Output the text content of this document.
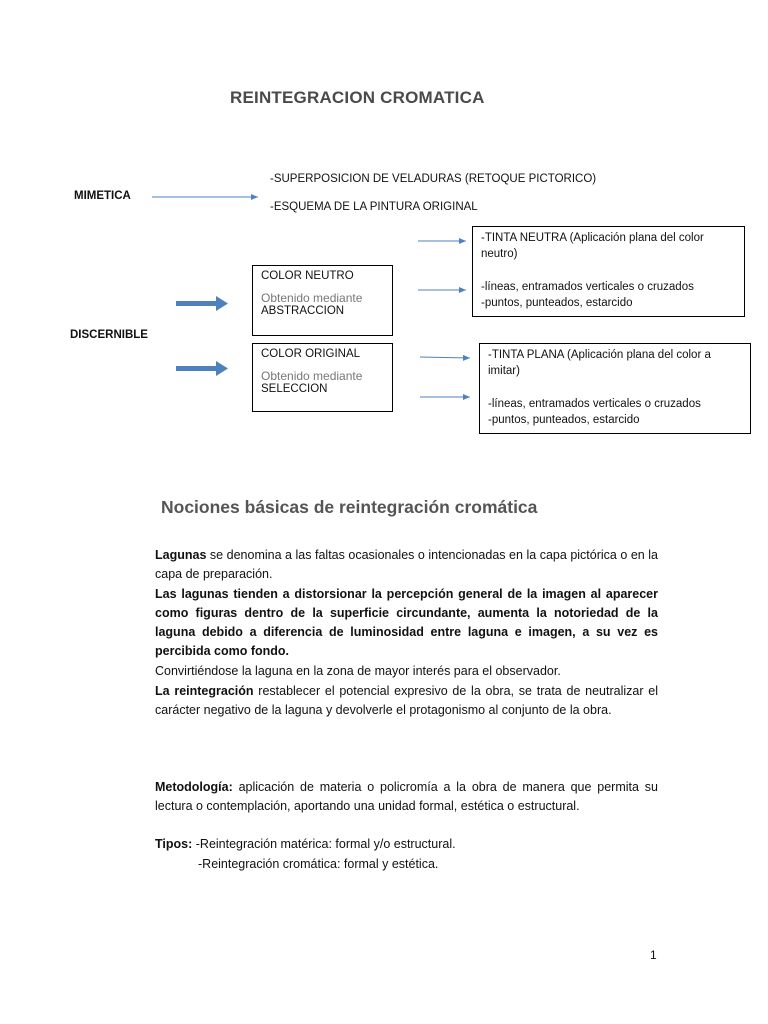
REINTEGRACION CROMATICA
MIMETICA
-SUPERPOSICION DE VELADURAS (RETOQUE PICTORICO)
-ESQUEMA DE LA PINTURA ORIGINAL
DISCERNIBLE
COLOR NEUTRO
Obtenido mediante
ABSTRACCION
COLOR ORIGINAL
Obtenido mediante
SELECCION
-TINTA NEUTRA (Aplicación plana del color
neutro)
-líneas, entramados verticales o cruzados
-puntos, punteados, estarcido
-TINTA PLANA (Aplicación plana del color a
imitar)
-líneas, entramados verticales o cruzados
-puntos, punteados, estarcido
Nociones básicas de reintegración cromática
Lagunas se denomina a las faltas ocasionales o intencionadas en la capa pictórica o en la capa de preparación.
Las lagunas tienden a distorsionar la percepción general de la imagen al aparecer como figuras dentro de la superficie circundante, aumenta la notoriedad de la laguna debido a diferencia de luminosidad entre laguna e imagen, a su vez es percibida como fondo.
Convirtiéndose la laguna en la zona de mayor interés para el observador.
La reintegración restablecer el potencial expresivo de la obra, se trata de neutralizar el carácter negativo de la laguna y devolverle el protagonismo al conjunto de la obra.
Metodología: aplicación de materia o policromía a la obra de manera que permita su lectura o contemplación, aportando una unidad formal, estética o estructural.
Tipos: -Reintegración matérica: formal y/o estructural.
-Reintegración cromática: formal y estética.
1
